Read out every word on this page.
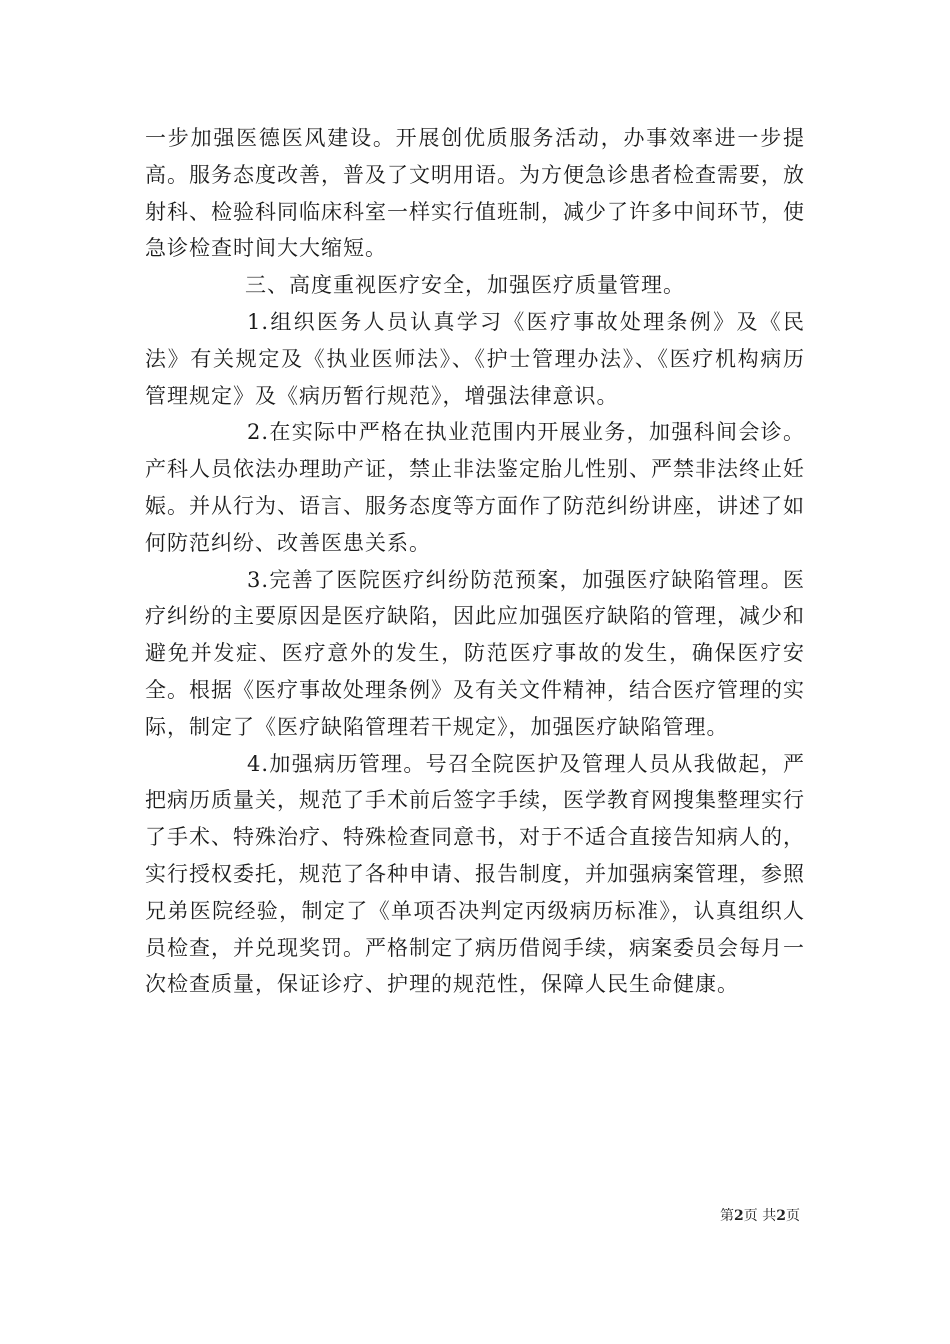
一步加强医德医风建设。开展创优质服务活动，办事效率进一步提高。服务态度改善，普及了文明用语。为方便急诊患者检查需要，放射科、检验科同临床科室一样实行值班制，减少了许多中间环节，使急诊检查时间大大缩短。

三、高度重视医疗安全，加强医疗质量管理。

1.组织医务人员认真学习《医疗事故处理条例》及《民法》有关规定及《执业医师法》、《护士管理办法》、《医疗机构病历管理规定》及《病历暂行规范》，增强法律意识。

2.在实际中严格在执业范围内开展业务，加强科间会诊。产科人员依法办理助产证，禁止非法鉴定胎儿性别、严禁非法终止妊娠。并从行为、语言、服务态度等方面作了防范纠纷讲座，讲述了如何防范纠纷、改善医患关系。

3.完善了医院医疗纠纷防范预案，加强医疗缺陷管理。医疗纠纷的主要原因是医疗缺陷，因此应加强医疗缺陷的管理，减少和避免并发症、医疗意外的发生，防范医疗事故的发生，确保医疗安全。根据《医疗事故处理条例》及有关文件精神，结合医疗管理的实际，制定了《医疗缺陷管理若干规定》，加强医疗缺陷管理。

4.加强病历管理。号召全院医护及管理人员从我做起，严把病历质量关，规范了手术前后签字手续，医学教育网搜集整理实行了手术、特殊治疗、特殊检查同意书，对于不适合直接告知病人的，实行授权委托，规范了各种申请、报告制度，并加强病案管理，参照兄弟医院经验，制定了《单项否决判定丙级病历标准》，认真组织人员检查，并兑现奖罚。严格制定了病历借阅手续，病案委员会每月一次检查质量，保证诊疗、护理的规范性，保障人民生命健康。

第2页 共2页
